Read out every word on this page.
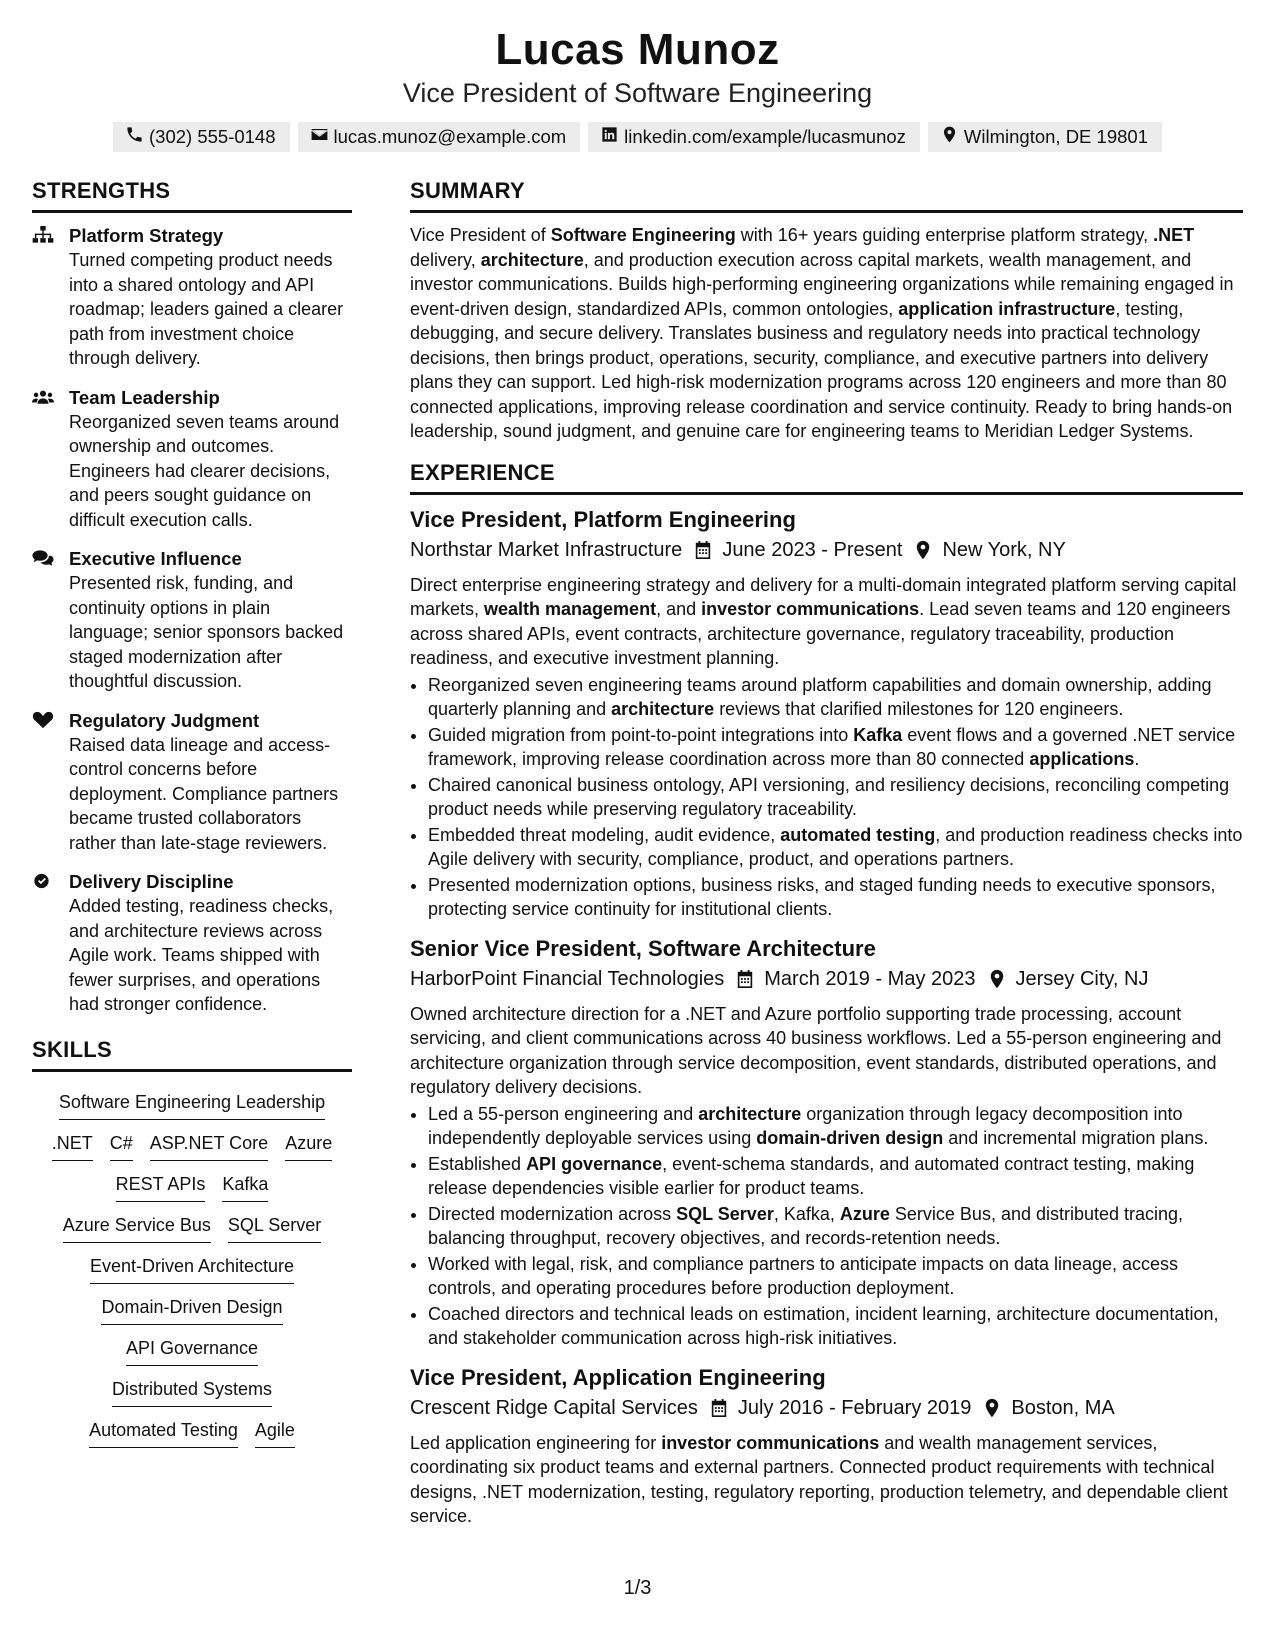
Lucas Munoz
Vice President of Software Engineering
(302) 555-0148	lucas.munoz@example.com	linkedin.com/example/lucasmunoz	Wilmington, DE 19801
STRENGTHS
Platform Strategy
Turned competing product needs into a shared ontology and API roadmap; leaders gained a clearer path from investment choice through delivery.
Team Leadership
Reorganized seven teams around ownership and outcomes. Engineers had clearer decisions, and peers sought guidance on difficult execution calls.
Executive Influence
Presented risk, funding, and continuity options in plain language; senior sponsors backed staged modernization after thoughtful discussion.
Regulatory Judgment
Raised data lineage and access-control concerns before deployment. Compliance partners became trusted collaborators rather than late-stage reviewers.
Delivery Discipline
Added testing, readiness checks, and architecture reviews across Agile work. Teams shipped with fewer surprises, and operations had stronger confidence.
SKILLS
Software Engineering Leadership
.NET C# ASP.NET Core Azure
REST APIs Kafka
Azure Service Bus SQL Server
Event-Driven Architecture
Domain-Driven Design
API Governance
Distributed Systems
Automated Testing Agile
SUMMARY
Vice President of Software Engineering with 16+ years guiding enterprise platform strategy, .NET delivery, architecture, and production execution across capital markets, wealth management, and investor communications. Builds high-performing engineering organizations while remaining engaged in event-driven design, standardized APIs, common ontologies, application infrastructure, testing, debugging, and secure delivery. Translates business and regulatory needs into practical technology decisions, then brings product, operations, security, compliance, and executive partners into delivery plans they can support. Led high-risk modernization programs across 120 engineers and more than 80 connected applications, improving release coordination and service continuity. Ready to bring hands-on leadership, sound judgment, and genuine care for engineering teams to Meridian Ledger Systems.
EXPERIENCE
Vice President, Platform Engineering
Northstar Market Infrastructure June 2023 - Present New York, NY
Direct enterprise engineering strategy and delivery for a multi-domain integrated platform serving capital markets, wealth management, and investor communications. Lead seven teams and 120 engineers across shared APIs, event contracts, architecture governance, regulatory traceability, production readiness, and executive investment planning.
• Reorganized seven engineering teams around platform capabilities and domain ownership, adding quarterly planning and architecture reviews that clarified milestones for 120 engineers.
• Guided migration from point-to-point integrations into Kafka event flows and a governed .NET service framework, improving release coordination across more than 80 connected applications.
• Chaired canonical business ontology, API versioning, and resiliency decisions, reconciling competing product needs while preserving regulatory traceability.
• Embedded threat modeling, audit evidence, automated testing, and production readiness checks into Agile delivery with security, compliance, product, and operations partners.
• Presented modernization options, business risks, and staged funding needs to executive sponsors, protecting service continuity for institutional clients.
Senior Vice President, Software Architecture
HarborPoint Financial Technologies March 2019 - May 2023 Jersey City, NJ
Owned architecture direction for a .NET and Azure portfolio supporting trade processing, account servicing, and client communications across 40 business workflows. Led a 55-person engineering and architecture organization through service decomposition, event standards, distributed operations, and regulatory delivery decisions.
• Led a 55-person engineering and architecture organization through legacy decomposition into independently deployable services using domain-driven design and incremental migration plans.
• Established API governance, event-schema standards, and automated contract testing, making release dependencies visible earlier for product teams.
• Directed modernization across SQL Server, Kafka, Azure Service Bus, and distributed tracing, balancing throughput, recovery objectives, and records-retention needs.
• Worked with legal, risk, and compliance partners to anticipate impacts on data lineage, access controls, and operating procedures before production deployment.
• Coached directors and technical leads on estimation, incident learning, architecture documentation, and stakeholder communication across high-risk initiatives.
Vice President, Application Engineering
Crescent Ridge Capital Services July 2016 - February 2019 Boston, MA
Led application engineering for investor communications and wealth management services, coordinating six product teams and external partners. Connected product requirements with technical designs, .NET modernization, testing, regulatory reporting, production telemetry, and dependable client service.
1/3
